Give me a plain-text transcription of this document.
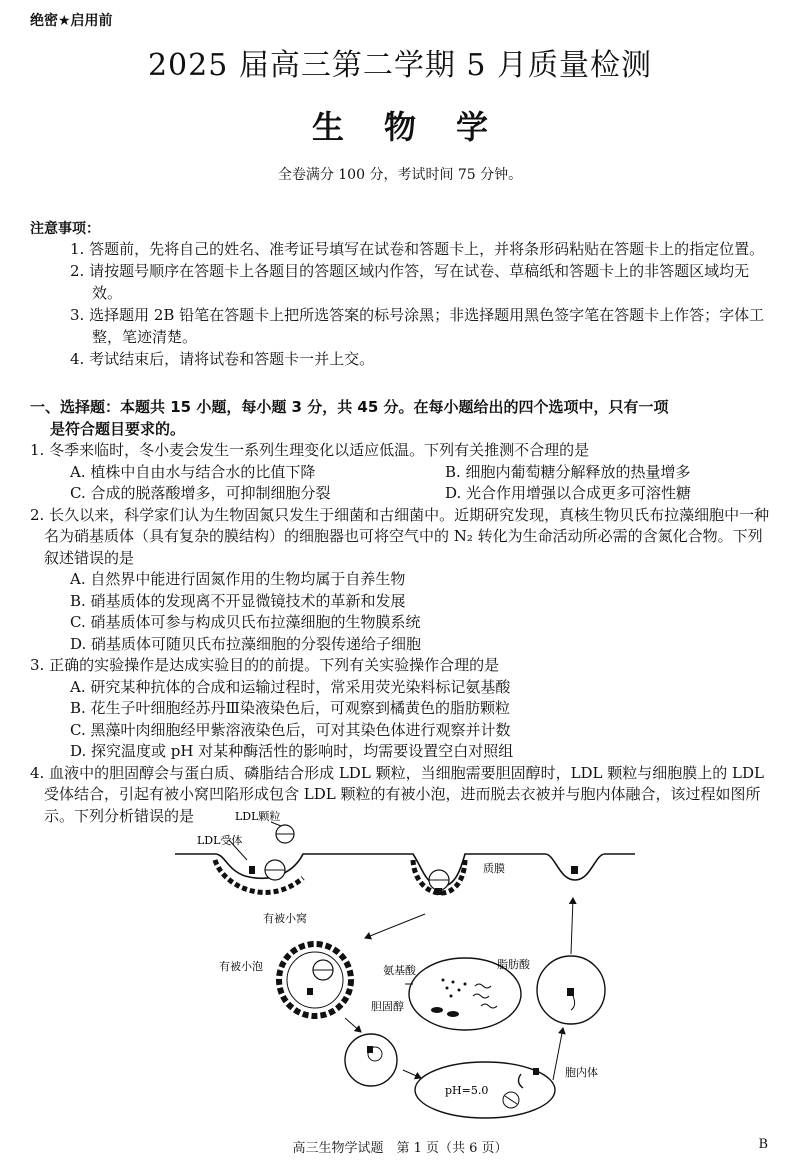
绝密★启用前
2025 届高三第二学期 5 月质量检测
生物学
全卷满分 100 分，考试时间 75 分钟。
注意事项：
1. 答题前，先将自己的姓名、准考证号填写在试卷和答题卡上，并将条形码粘贴在答题卡上的指定位置。
2. 请按题号顺序在答题卡上各题目的答题区域内作答，写在试卷、草稿纸和答题卡上的非答题区域均无效。
3. 选择题用 2B 铅笔在答题卡上把所选答案的标号涂黑；非选择题用黑色签字笔在答题卡上作答；字体工整，笔迹清楚。
4. 考试结束后，请将试卷和答题卡一并上交。
一、选择题：本题共 15 小题，每小题 3 分，共 45 分。在每小题给出的四个选项中，只有一项
是符合题目要求的。
1. 冬季来临时，冬小麦会发生一系列生理变化以适应低温。下列有关推测不合理的是
A. 植株中自由水与结合水的比值下降	B. 细胞内葡萄糖分解释放的热量增多
C. 合成的脱落酸增多，可抑制细胞分裂	D. 光合作用增强以合成更多可溶性糖
2. 长久以来，科学家们认为生物固氮只发生于细菌和古细菌中。近期研究发现，真核生物贝氏布拉藻细胞中一种名为硝基质体（具有复杂的膜结构）的细胞器也可将空气中的 N₂ 转化为生命活动所必需的含氮化合物。下列叙述错误的是
A. 自然界中能进行固氮作用的生物均属于自养生物
B. 硝基质体的发现离不开显微镜技术的革新和发展
C. 硝基质体可参与构成贝氏布拉藻细胞的生物膜系统
D. 硝基质体可随贝氏布拉藻细胞的分裂传递给子细胞
3. 正确的实验操作是达成实验目的的前提。下列有关实验操作合理的是
A. 研究某种抗体的合成和运输过程时，常采用荧光染料标记氨基酸
B. 花生子叶细胞经苏丹Ⅲ染液染色后，可观察到橘黄色的脂肪颗粒
C. 黑藻叶肉细胞经甲紫溶液染色后，可对其染色体进行观察并计数
D. 探究温度或 pH 对某种酶活性的影响时，均需要设置空白对照组
4. 血液中的胆固醇会与蛋白质、磷脂结合形成 LDL 颗粒，当细胞需要胆固醇时，LDL 颗粒与细胞膜上的 LDL 受体结合，引起有被小窝凹陷形成包含 LDL 颗粒的有被小泡，进而脱去衣被并与胞内体融合，该过程如图所示。下列分析错误的是	LDL颗粒
LDL受体
质膜
有被小窝
有被小泡	氨基酸	脂肪酸
胆固醇
pH=5.0
胞内体
高三生物学试题　第 1 页（共 6 页）	B
